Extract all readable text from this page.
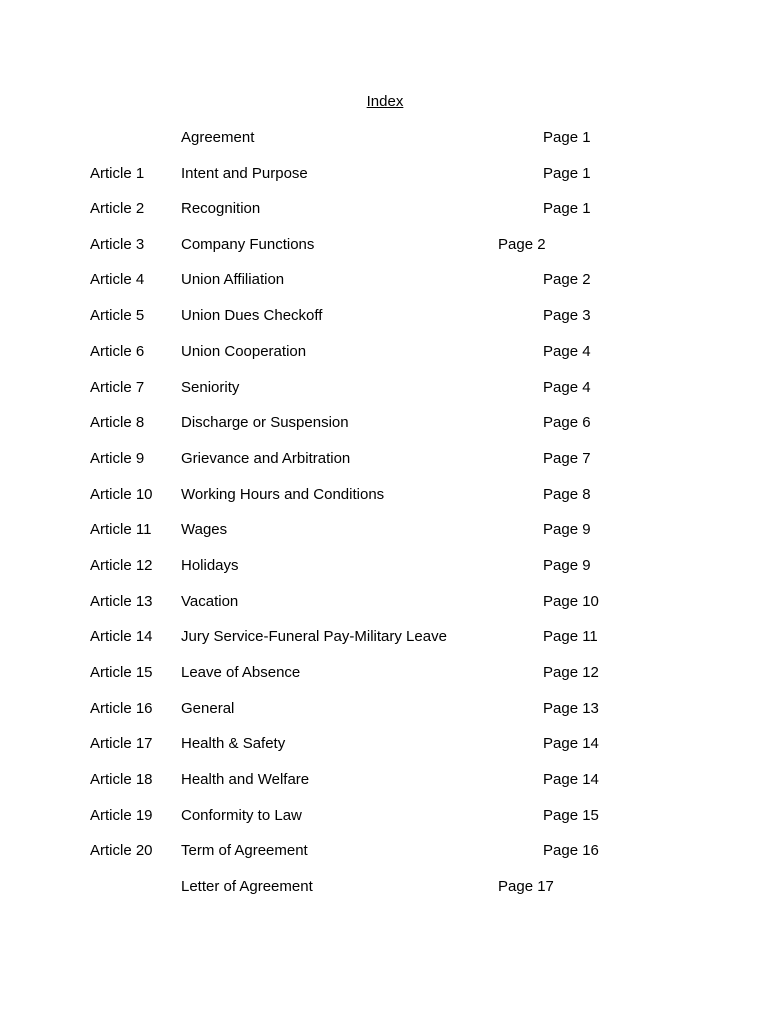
Index
Agreement	Page 1
Article 1 Intent and Purpose	Page 1
Article 2 Recognition	Page 1
Article 3 Company Functions	Page 2
Article 4 Union Affiliation	Page 2
Article 5 Union Dues Checkoff	Page 3
Article 6 Union Cooperation	Page 4
Article 7 Seniority	Page 4
Article 8 Discharge or Suspension	Page 6
Article 9 Grievance and Arbitration	Page 7
Article 10 Working Hours and Conditions	Page 8
Article 11 Wages	Page 9
Article 12 Holidays	Page 9
Article 13 Vacation	Page 10
Article 14 Jury Service-Funeral Pay-Military Leave	Page 11
Article 15 Leave of Absence	Page 12
Article 16 General	Page 13
Article 17 Health & Safety	Page 14
Article 18 Health and Welfare	Page 14
Article 19 Conformity to Law	Page 15
Article 20 Term of Agreement	Page 16
Letter of Agreement	Page 17
